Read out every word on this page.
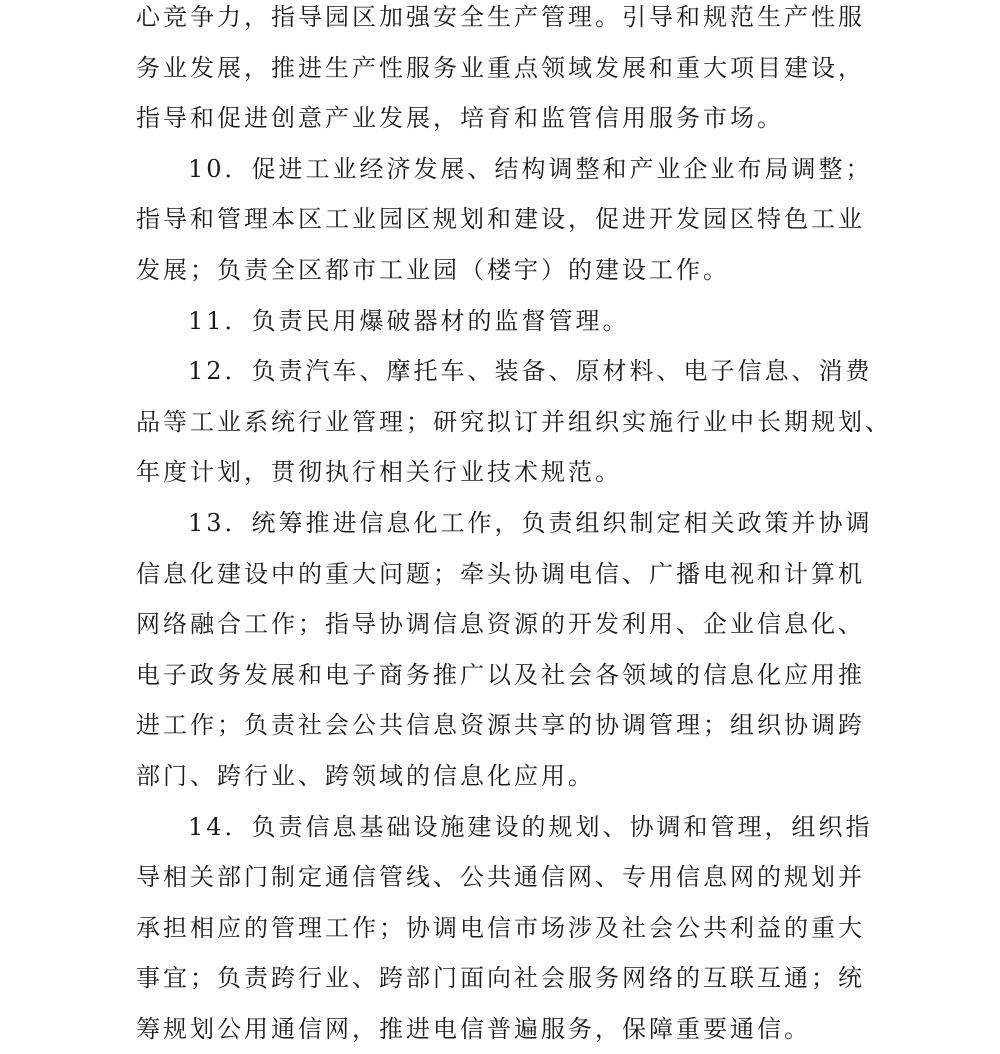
心竞争力，指导园区加强安全生产管理。引导和规范生产性服
务业发展，推进生产性服务业重点领域发展和重大项目建设，
指导和促进创意产业发展，培育和监管信用服务市场。
10．促进工业经济发展、结构调整和产业企业布局调整；
指导和管理本区工业园区规划和建设，促进开发园区特色工业
发展；负责全区都市工业园（楼宇）的建设工作。
11．负责民用爆破器材的监督管理。
12．负责汽车、摩托车、装备、原材料、电子信息、消费
品等工业系统行业管理；研究拟订并组织实施行业中长期规划、
年度计划，贯彻执行相关行业技术规范。
13．统筹推进信息化工作，负责组织制定相关政策并协调
信息化建设中的重大问题；牵头协调电信、广播电视和计算机
网络融合工作；指导协调信息资源的开发利用、企业信息化、
电子政务发展和电子商务推广以及社会各领域的信息化应用推
进工作；负责社会公共信息资源共享的协调管理；组织协调跨
部门、跨行业、跨领域的信息化应用。
14．负责信息基础设施建设的规划、协调和管理，组织指
导相关部门制定通信管线、公共通信网、专用信息网的规划并
承担相应的管理工作；协调电信市场涉及社会公共利益的重大
事宜；负责跨行业、跨部门面向社会服务网络的互联互通；统
筹规划公用通信网，推进电信普遍服务，保障重要通信。
